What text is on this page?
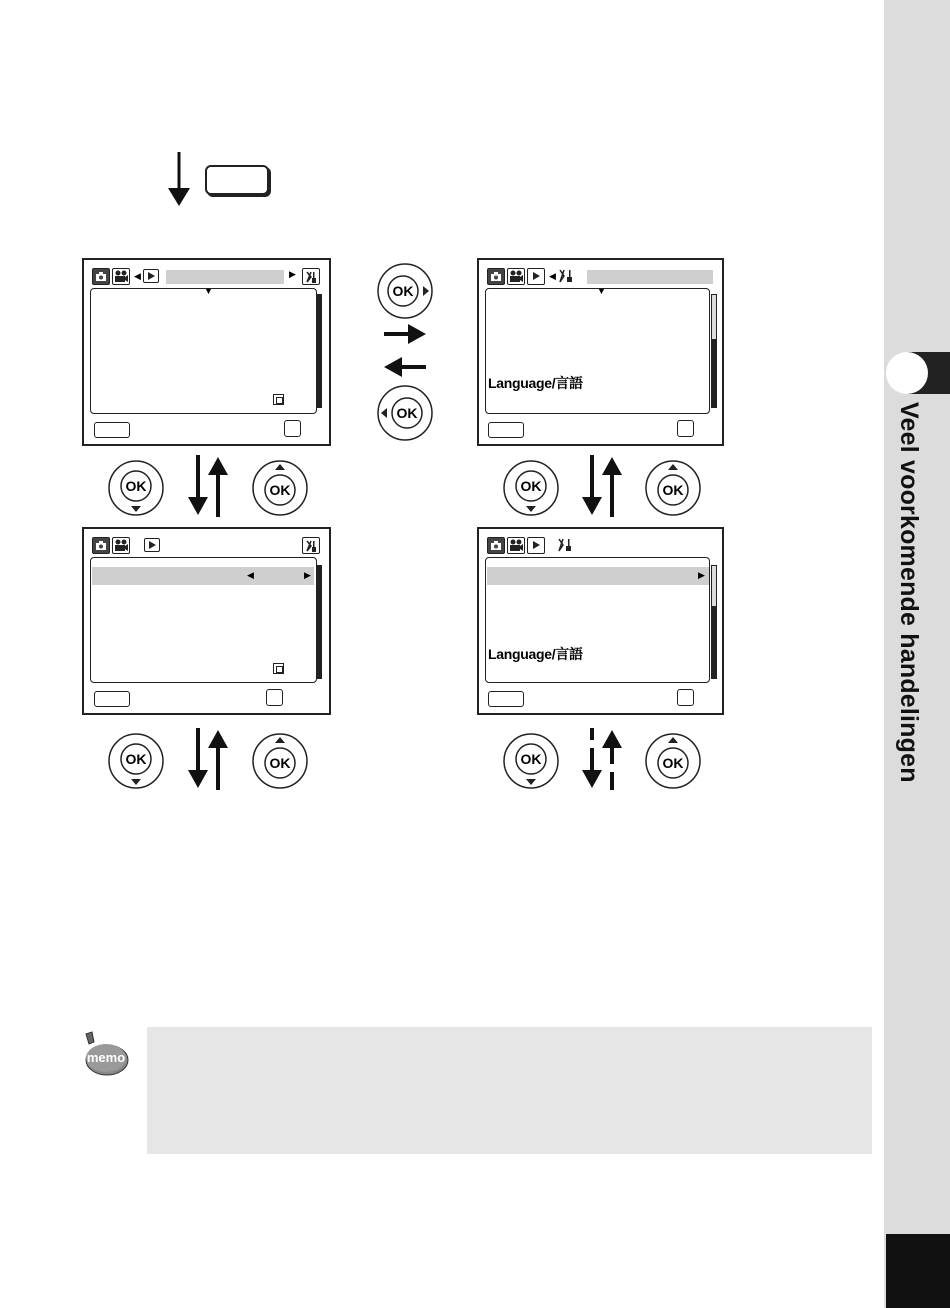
Veel voorkomende handelingen
◀	▶
▼
◀
▼
Language/言語
◀	▶	▶
Language/言語
OK
OK
OK	OK	OK	OK
OK	OK	OK	OK
memo
